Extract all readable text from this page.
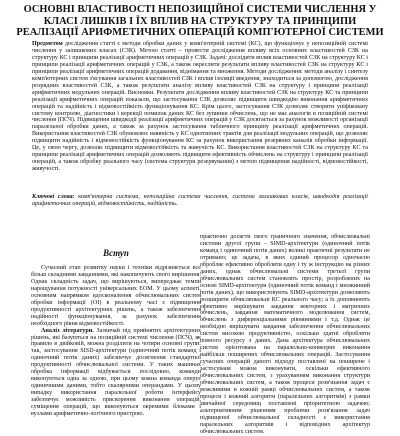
ОСНОВНІ ВЛАСТИВОСТІ НЕПОЗИЦІЙНОЇ СИСТЕМИ ЧИСЛЕННЯ У КЛАСІ ЛИШКІВ І ЇХ ВПЛИВ НА СТРУКТУРУ ТА ПРИНЦИПИ РЕАЛІЗАЦІЇ АРИФМЕТИЧНИХ ОПЕРАЦІЙ КОМП'ЮТЕРНОЇ СИСТЕМИ

Предметом дослідження статті є методи обробки даних у комп'ютерній системі (КС), що функціонує у непозиційній системі числення у залишкових класах (СЗК). Метою статті – провести дослідження впливу всіх основних властивостей СЗК на структуру КС і принципи реалізації арифметичних операцій у СЗК. Задачі: дослідити вплив властивостей СЗК на структуру КС і принципи реалізації арифметичних операцій у СЗК, а також окреслити результати впливу властивостей СЗК на структуру КС і принципи реалізації арифметичних операцій додавання, віднімання та множення. Методи дослідження: методи аналізу і синтезу комп'ютерних систем з'ясування загальних властивостей СЗК і вплив ізоляції введення, знаходиться за допомогою, дослідження розрядних властивостей СЗК, а також результати аналізу впливу властивостей СЗК на структуру і принципи реалізації арифметичних модульних операцій. Висновки. Результати дослідження впливу властивостей СЗК на структуру КС та принципи реалізації арифметичних операцій показали, що застосування СЗК дозволяє підвищити швидкодію виконання арифметичних операцій та надійність і відмовостійкість функціонування КС. Крім цього, застосування СЗК дозволяє створити уніфіковану систему контролю, діагностики і корекції помилок даних КС без зупинки обчислень, що не має аналогів в позиційній системі числення (ПСЧ). Підвищення швидкодії реалізації арифметичних операцій у СЗК досягається за рахунок можливості організації паралельної обробки даних, а також за рахунок застосування табличного принципу реалізації арифметичних операцій. Використання властивостей СЗК обумовлює наявність у КС однотипних трактів для реалізації модульних операцій, що дозволяє підвищити надійність і відмовостійкість функціонування КС за рахунок використання резервних каналів обробки інформації. Це, у свою чергу, дозволяє підвищити відмовостійкість та живучість КС. Використання властивостей СЗК на структуру КС та принципи реалізації арифметичних операцій дозволяють підвищити ефективність обчислень на структуру і принципи реалізації операцій, а також обробку реального часу (система структури резервування) з метою підвищення надійності, відмовостійкості, живучості.

Ключові слова: комп'ютерна система, непозиційна система числення, система залишкових класів, швидкодія реалізації арифметичних операцій, відмовостійкість, надійність.
Вступ

Сучасний етап розвитку науки і техніки відрізняється все більш складними завданнями, які накопичують свого вирішення. Однак складність задач, що вирішуються, випереджає темпи нарощування потужності універсальних ЕОМ. У цьому аспекті, основним напрямком вдосконалення обчислювальних систем обробки інформації (ОІ) в реальному часі є підвищення продуктивності архітектурних рішень, а також забезпечення надійності функціонування, за рахунок забезпечення необхідного рівня відмовостійкості.

Аналіз літератури. Зазвичай під прийнятих архітектурних рішень, які базуються на позиційній системі числення (ПСЧ), як правило в двійковій, можна розділити на чотири основні групи: так, застосування SISD-архітектури (одиночний потік команд і одиночний потік даних) забезпечує досягнення стандартної продуктивності обчислювальної системи. У таких машинах обробка інформації відбувається послідовно, команди виконуються одна за одною, при цьому кожна команда оперує одиничними даними, тобто скалярними операндами. У цьому випадку використання паралельної роботи інтерфейсу забезпечує можливість прискорення виконання операцій, суміщення операцій, що виконуються окремими блоками і вузлами арифметично-логічного пристрою.

практично досягти свого граничного значення, обчислювальні системи другої групи - SIMD-архітектури (одиночний потік команд і одиночний потік даних) великі практичні результати не отримано; це задача, в яких єдиний процесор одночасно обробляє ефективно обробляти одну і ту ж інструкцію на різних даних, однак обчислювальні системи третьої групи обчислювальних систем становлять простір, розроблених на основі SIMD-архітектури (одиночний потік команд і множинний потік даних), що використовують SIMD-архітектури дозволяють розширити обчислювальні КС реального часу; а їх доповнюють ефективно вирішувати завдання векторних і матричних обчислень, завдання математичного моделювання систем, обчислень з диференціальними рівняннями і т.д. Однак це необхідно вирішувати завдання забезпечення обчислювальних систем високою продуктивністю, оскільки здатні обробляти повного ресурсу з даних. Дана архітектура обчислювальних систем орієнтована на паралельно-конвеєрне виконання найбільш поширених обчислювальних операцій. Застосування сучасних операцій даного підходу поставлені на поширене і застосуваня можна виконувати, оскільки ефективного обчислювальних систем, з урахуванням виконання структури обчислювальних систем, а також процеси розв'язання задач є можливими в кожній рамці обчислювальних систем, а також процеси і кожний алгоритм (паралельних алгоритмів) з рамки звичайної середовищ поставлені пріоритетною задачею; альтернативним рішенням проблеми розв'язання задач підвищеної обчислювальної складності є використання паралельних алгоритмів і відповідних архітектур обчислювальних систем.
